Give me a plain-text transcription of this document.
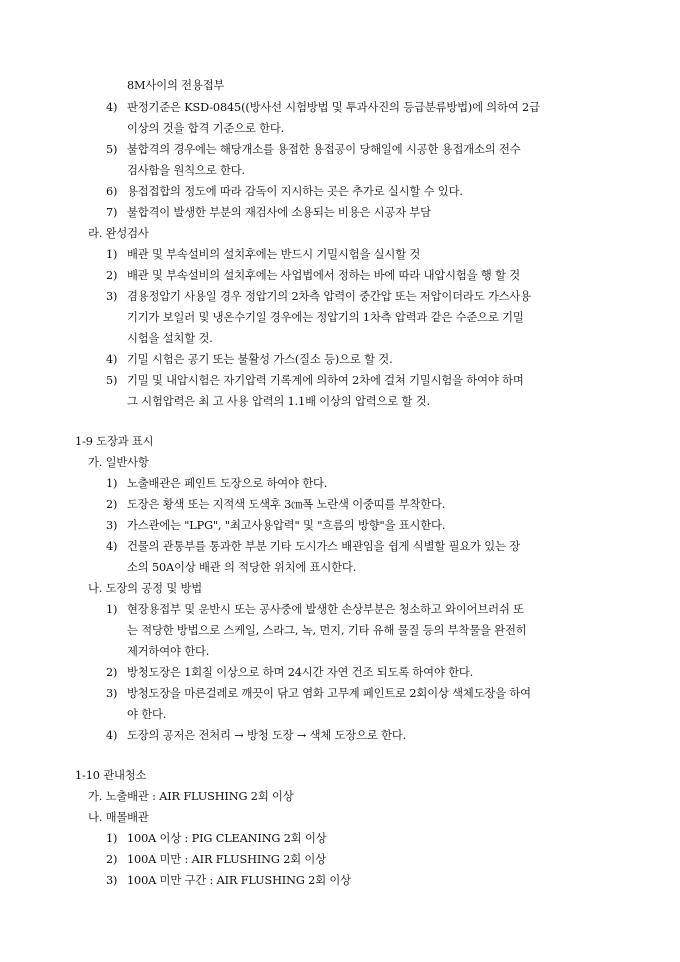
8M사이의 전용접부
4) 판정기준은 KSD-0845((방사선 시험방법 및 투과사진의 등급분류방법)에 의하여 2급
이상의 것을 합격 기준으로 한다.
5) 불합격의 경우에는 해당개소를 용접한 용접공이 당해일에 시공한 용접개소의 전수
검사함을 원칙으로 한다.
6) 용접접합의 정도에 따라 감독이 지시하는 곳은 추가로 실시할 수 있다.
7) 불합격이 발생한 부분의 재검사에 소용되는 비용은 시공자 부담
라. 완성검사
1) 배관 및 부속설비의 설치후에는 반드시 기밀시험을 실시할 것
2) 배관 및 부속설비의 설치후에는 사업법에서 정하는 바에 따라 내압시험을 행 할 것
3) 겸용정압기 사용일 경우 정압기의 2차측 압력이 중간압 또는 저압이더라도 가스사용
기기가 보일러 및 냉온수기일 경우에는 정압기의 1차측 압력과 같은 수준으로 기밀
시험을 설치할 것.
4) 기밀 시험은 공기 또는 불활성 가스(질소 등)으로 할 것.
5) 기밀 및 내압시험은 자기압력 기록계에 의하여 2차에 걸쳐 기밀시험을 하여야 하며
그 시험압력은 최 고 사용 압력의 1.1배 이상의 압력으로 할 것.
1-9 도장과 표시
가. 일반사항
1) 노출배관은 페인트 도장으로 하여야 한다.
2) 도장은 황색 또는 지적색 도색후 3㎝폭 노란색 이중띠를 부착한다.
3) 가스관에는 "LPG", "최고사용압력" 및 "흐름의 방향"을 표시한다.
4) 건물의 관통부를 통과한 부분 기타 도시가스 배관임을 쉽게 식별할 필요가 있는 장
소의 50A이상 배관 의 적당한 위치에 표시한다.
나. 도장의 공정 및 방법
1) 현장용접부 및 운반시 또는 공사중에 발생한 손상부분은 청소하고 와이어브러쉬 또
는 적당한 방법으로 스케일, 스라그, 녹, 먼지, 기타 유해 물질 등의 부착물을 완전히
제거하여야 한다.
2) 방청도장은 1회칠 이상으로 하며 24시간 자연 건조 되도록 하여야 한다.
3) 방청도장을 마른걸레로 깨끗이 닦고 염화 고무계 페인트로 2회이상 색체도장을 하여
야 한다.
4) 도장의 공저은 전처리 → 방청 도장 → 색체 도장으로 한다.
1-10 관내청소
가. 노출배관 : AIR FLUSHING 2회 이상
나. 매몰배관
1) 100A 이상 : PIG CLEANING 2회 이상
2) 100A 미만 : AIR FLUSHING 2회 이상
3) 100A 미만 구간 : AIR FLUSHING 2회 이상
